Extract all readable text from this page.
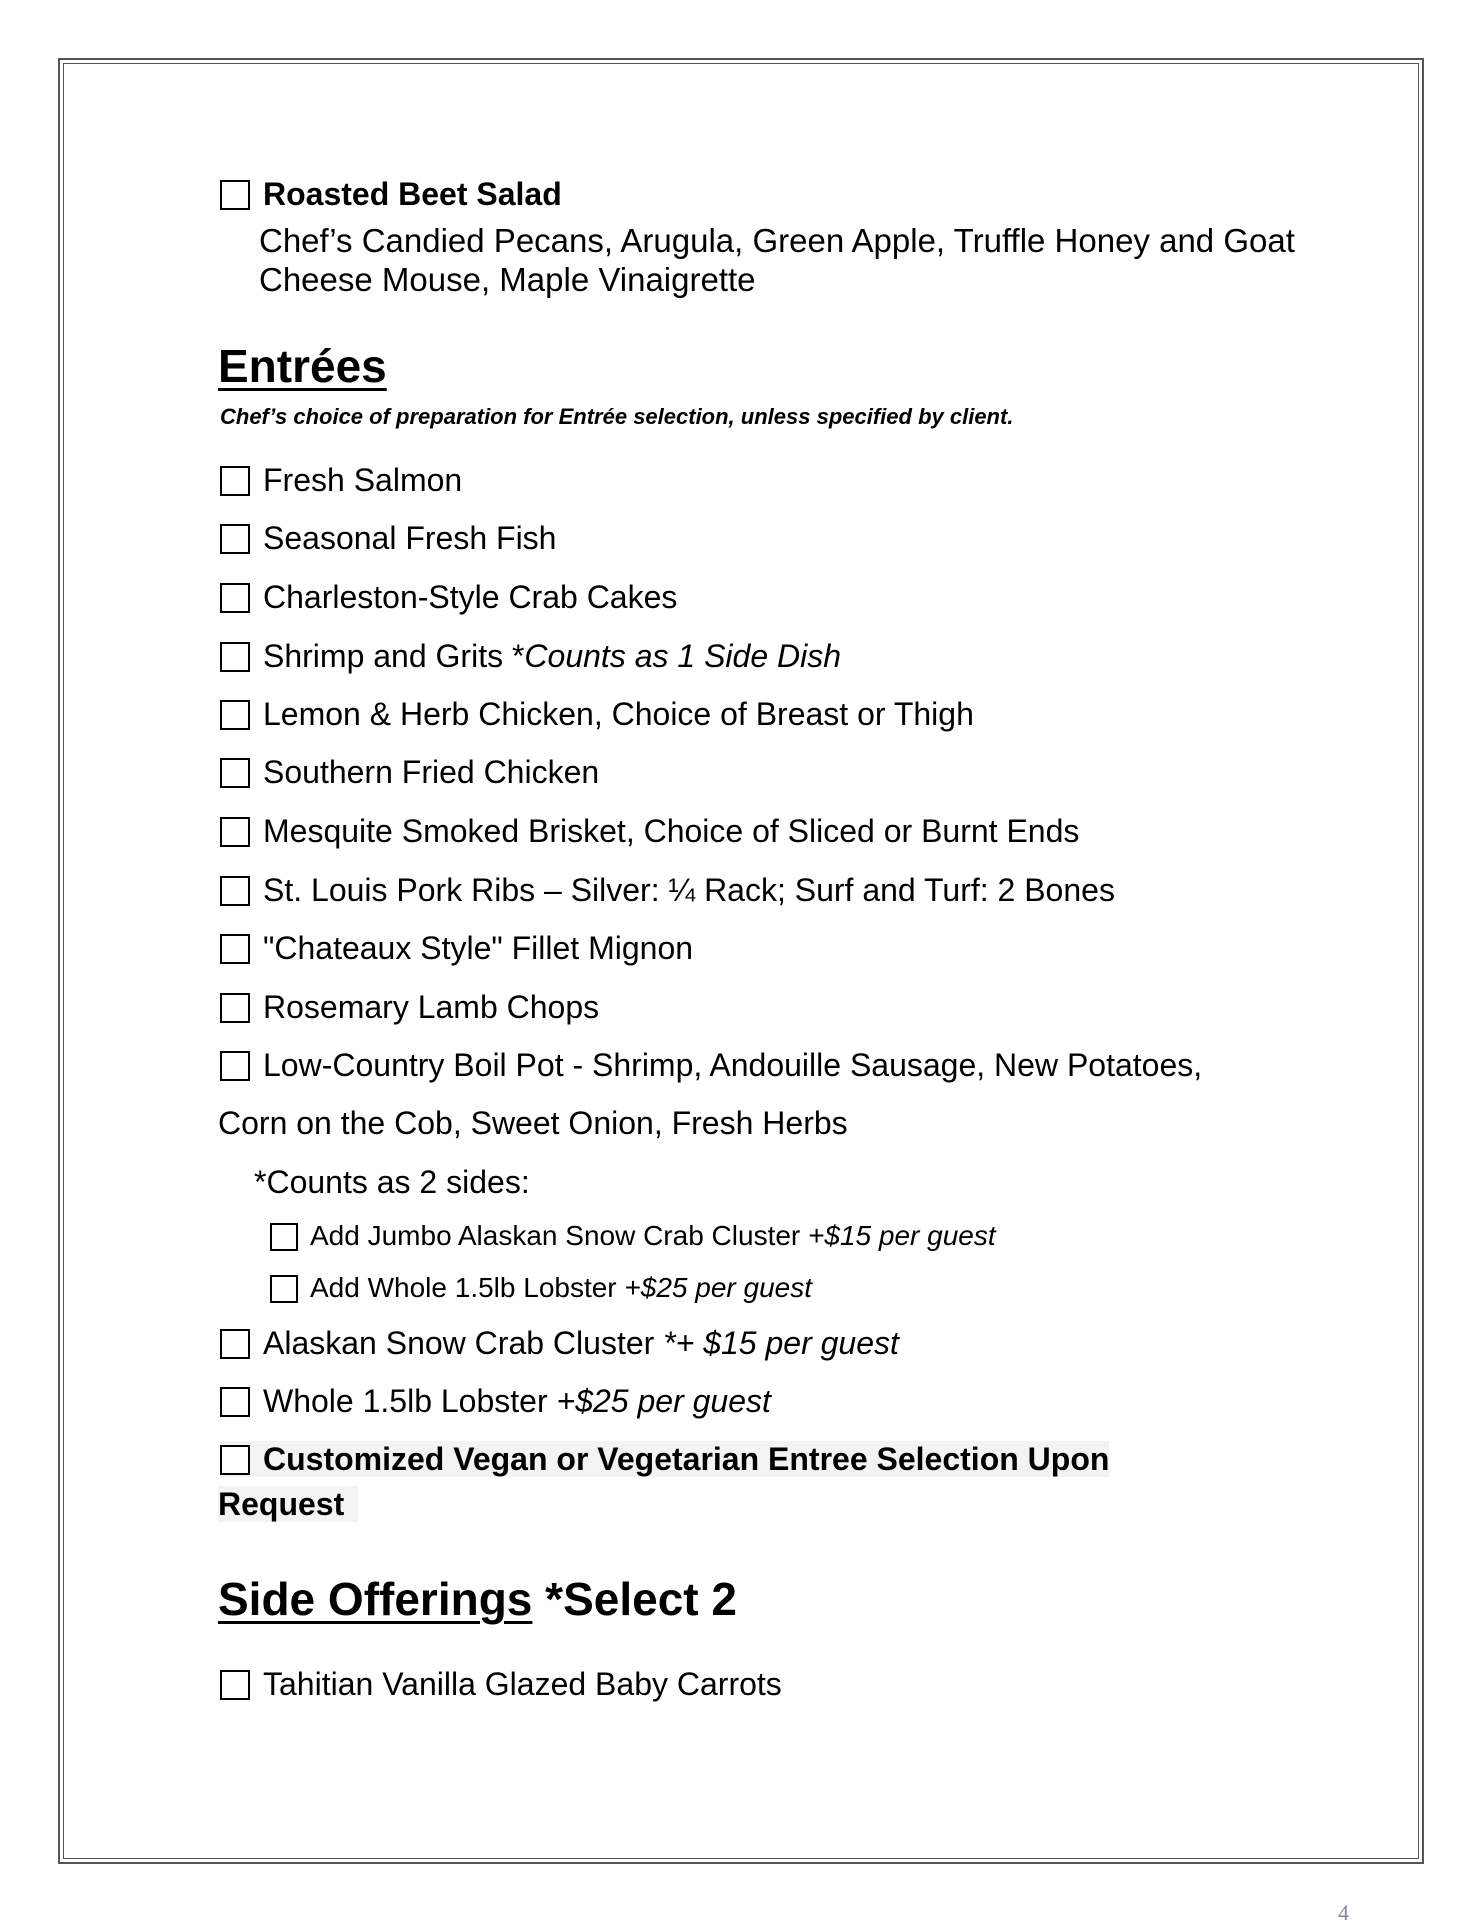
Roasted Beet Salad
Chef’s Candied Pecans, Arugula, Green Apple, Truffle Honey and Goat
Cheese Mouse, Maple Vinaigrette
Entrées
Chef’s choice of preparation for Entrée selection, unless specified by client.
Fresh Salmon
Seasonal Fresh Fish
Charleston-Style Crab Cakes
Shrimp and Grits *Counts as 1 Side Dish
Lemon & Herb Chicken, Choice of Breast or Thigh
Southern Fried Chicken
Mesquite Smoked Brisket, Choice of Sliced or Burnt Ends
St. Louis Pork Ribs – Silver: ¼ Rack; Surf and Turf: 2 Bones
"Chateaux Style" Fillet Mignon
Rosemary Lamb Chops
Low-Country Boil Pot - Shrimp, Andouille Sausage, New Potatoes,
Corn on the Cob, Sweet Onion, Fresh Herbs
*Counts as 2 sides:
Add Jumbo Alaskan Snow Crab Cluster +$15 per guest
Add Whole 1.5lb Lobster +$25 per guest
Alaskan Snow Crab Cluster *+ $15 per guest
Whole 1.5lb Lobster +$25 per guest
Customized Vegan or Vegetarian Entree Selection Upon
Request
Side Offerings *Select 2
Tahitian Vanilla Glazed Baby Carrots
4
